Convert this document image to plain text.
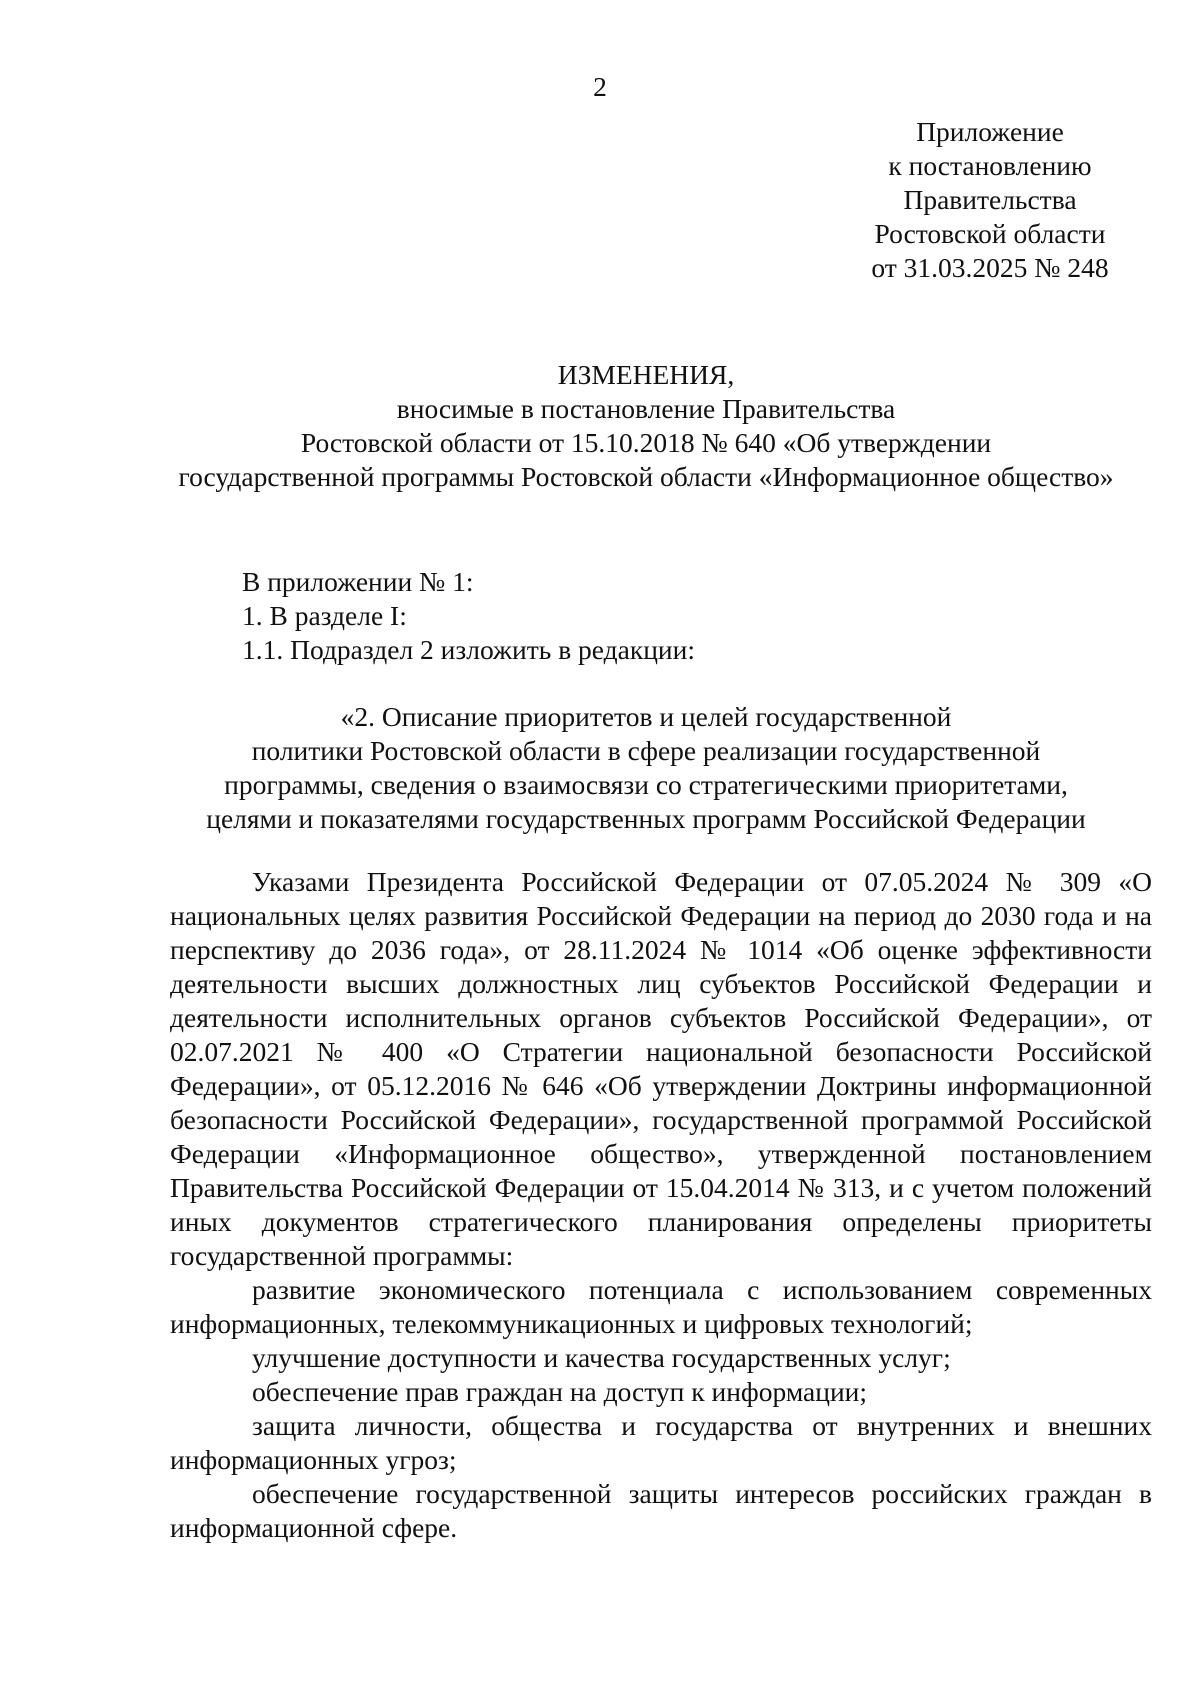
2
Приложение
к постановлению
Правительства
Ростовской области
от 31.03.2025 № 248
ИЗМЕНЕНИЯ,
вносимые в постановление Правительства
Ростовской области от 15.10.2018 № 640 «Об утверждении
государственной программы Ростовской области «Информационное общество»
В приложении № 1:
1. В разделе I:
1.1. Подраздел 2 изложить в редакции:
«2. Описание приоритетов и целей государственной
политики Ростовской области в сфере реализации государственной
программы, сведения о взаимосвязи со стратегическими приоритетами,
целями и показателями государственных программ Российской Федерации

Указами Президента Российской Федерации от 07.05.2024 № 309 «О национальных целях развития Российской Федерации на период до 2030 года и на перспективу до 2036 года», от 28.11.2024 № 1014 «Об оценке эффективности деятельности высших должностных лиц субъектов Российской Федерации и деятельности исполнительных органов субъектов Российской Федерации», от 02.07.2021 № 400 «О Стратегии национальной безопасности Российской Федерации», от 05.12.2016 № 646 «Об утверждении Доктрины информационной безопасности Российской Федерации», государственной программой Российской Федерации «Информационное общество», утвержденной постановлением Правительства Российской Федерации от 15.04.2014 № 313, и с учетом положений иных документов стратегического планирования определены приоритеты государственной программы:

развитие экономического потенциала с использованием современных информационных, телекоммуникационных и цифровых технологий;

улучшение доступности и качества государственных услуг;

обеспечение прав граждан на доступ к информации;

защита личности, общества и государства от внутренних и внешних информационных угроз;

обеспечение государственной защиты интересов российских граждан в информационной сфере.
